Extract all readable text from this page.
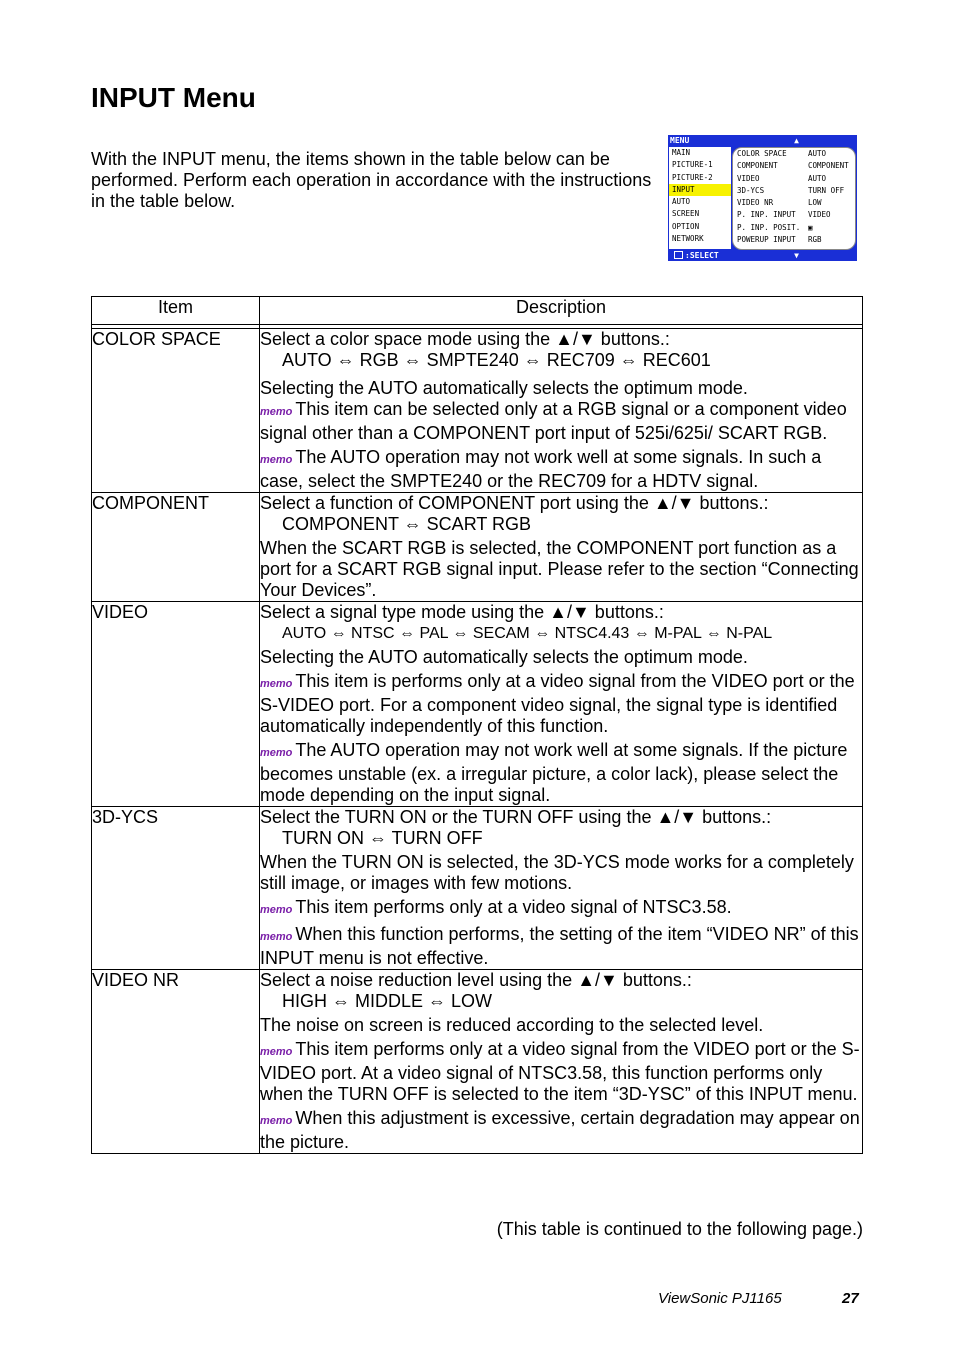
INPUT Menu

With the INPUT menu, the items shown in the table below can be performed. Perform each operation in accordance with the instructions in the table below.

MENU	▲
MAIN
PICTURE-1
PICTURE-2
INPUT
AUTO
SCREEN
OPTION
NETWORK
COLOR SPACE	AUTO
COMPONENT	COMPONENT
VIDEO	AUTO
3D-YCS	TURN OFF
VIDEO NR	LOW
P. INP. INPUT VIDEO
P. INP. POSIT. ▣
POWERUP INPUT RGB
:SELECT	▼
Item	Description

COLOR SPACE	Select a color space mode using the ▲/▼ buttons.:
AUTO ⇔ RGB ⇔ SMPTE240 ⇔ REC709 ⇔ REC601
Selecting the AUTO automatically selects the optimum mode.
memo This item can be selected only at a RGB signal or a component video signal other than a COMPONENT port input of 525i/625i/ SCART RGB.
memo The AUTO operation may not work well at some signals. In such a case, select the SMPTE240 or the REC709 for a HDTV signal.

COMPONENT	Select a function of COMPONENT port using the ▲/▼ buttons.:
COMPONENT ⇔ SCART RGB
When the SCART RGB is selected, the COMPONENT port function as a port for a SCART RGB signal input. Please refer to the section “Connecting Your Devices”.

VIDEO	Select a signal type mode using the ▲/▼ buttons.:
AUTO ⇔ NTSC ⇔ PAL ⇔ SECAM ⇔ NTSC4.43 ⇔ M-PAL ⇔ N-PAL
Selecting the AUTO automatically selects the optimum mode.
memo This item is performs only at a video signal from the VIDEO port or the S-VIDEO port. For a component video signal, the signal type is identified automatically independently of this function.
memo The AUTO operation may not work well at some signals. If the picture becomes unstable (ex. a irregular picture, a color lack), please select the mode depending on the input signal.

3D-YCS	Select the TURN ON or the TURN OFF using the ▲/▼ buttons.:
TURN ON ⇔ TURN OFF
When the TURN ON is selected, the 3D-YCS mode works for a completely still image, or images with few motions.
memo This item performs only at a video signal of NTSC3.58.
memo When this function performs, the setting of the item “VIDEO NR” of this INPUT menu is not effective.

VIDEO NR	Select a noise reduction level using the ▲/▼ buttons.:
HIGH ⇔ MIDDLE ⇔ LOW
The noise on screen is reduced according to the selected level.
memo This item performs only at a video signal from the VIDEO port or the S-VIDEO port. At a video signal of NTSC3.58, this function performs only when the TURN OFF is selected to the item “3D-YSC” of this INPUT menu.
memo When this adjustment is excessive, certain degradation may appear on the picture.

(This table is continued to the following page.)

ViewSonic PJ1165	27
